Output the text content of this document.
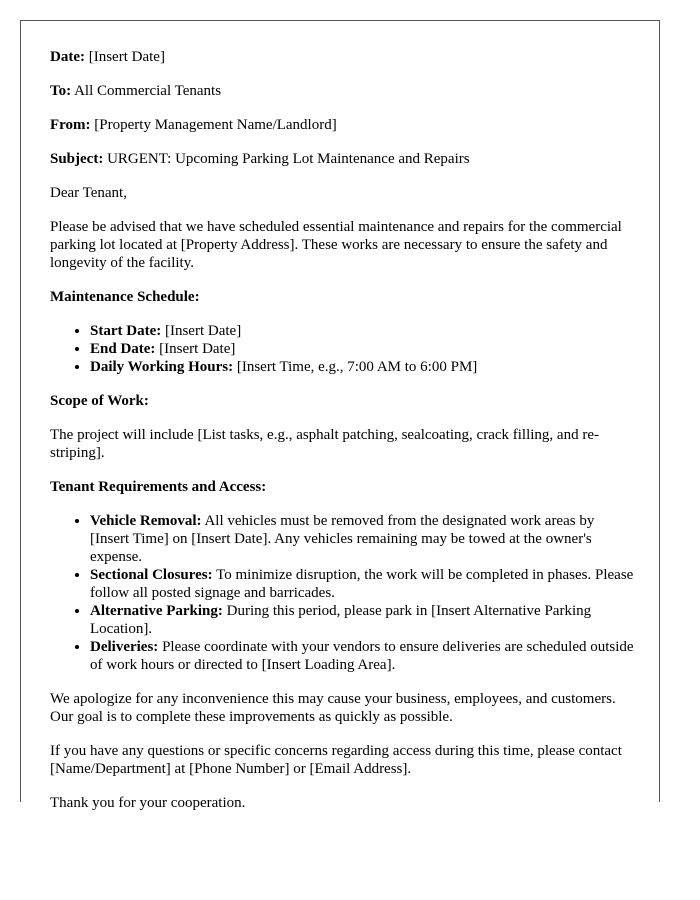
Date: [Insert Date]

To: All Commercial Tenants

From: [Property Management Name/Landlord]

Subject: URGENT: Upcoming Parking Lot Maintenance and Repairs

Dear Tenant,

Please be advised that we have scheduled essential maintenance and repairs for the commercial parking lot located at [Property Address]. These works are necessary to ensure the safety and longevity of the facility.

Maintenance Schedule:

• Start Date: [Insert Date]
• End Date: [Insert Date]
• Daily Working Hours: [Insert Time, e.g., 7:00 AM to 6:00 PM]

Scope of Work:

The project will include [List tasks, e.g., asphalt patching, sealcoating, crack filling, and re-striping].

Tenant Requirements and Access:

• Vehicle Removal: All vehicles must be removed from the designated work areas by [Insert Time] on [Insert Date]. Any vehicles remaining may be towed at the owner's expense.
• Sectional Closures: To minimize disruption, the work will be completed in phases. Please follow all posted signage and barricades.
• Alternative Parking: During this period, please park in [Insert Alternative Parking Location].
• Deliveries: Please coordinate with your vendors to ensure deliveries are scheduled outside of work hours or directed to [Insert Loading Area].

We apologize for any inconvenience this may cause your business, employees, and customers. Our goal is to complete these improvements as quickly as possible.

If you have any questions or specific concerns regarding access during this time, please contact [Name/Department] at [Phone Number] or [Email Address].

Thank you for your cooperation.
